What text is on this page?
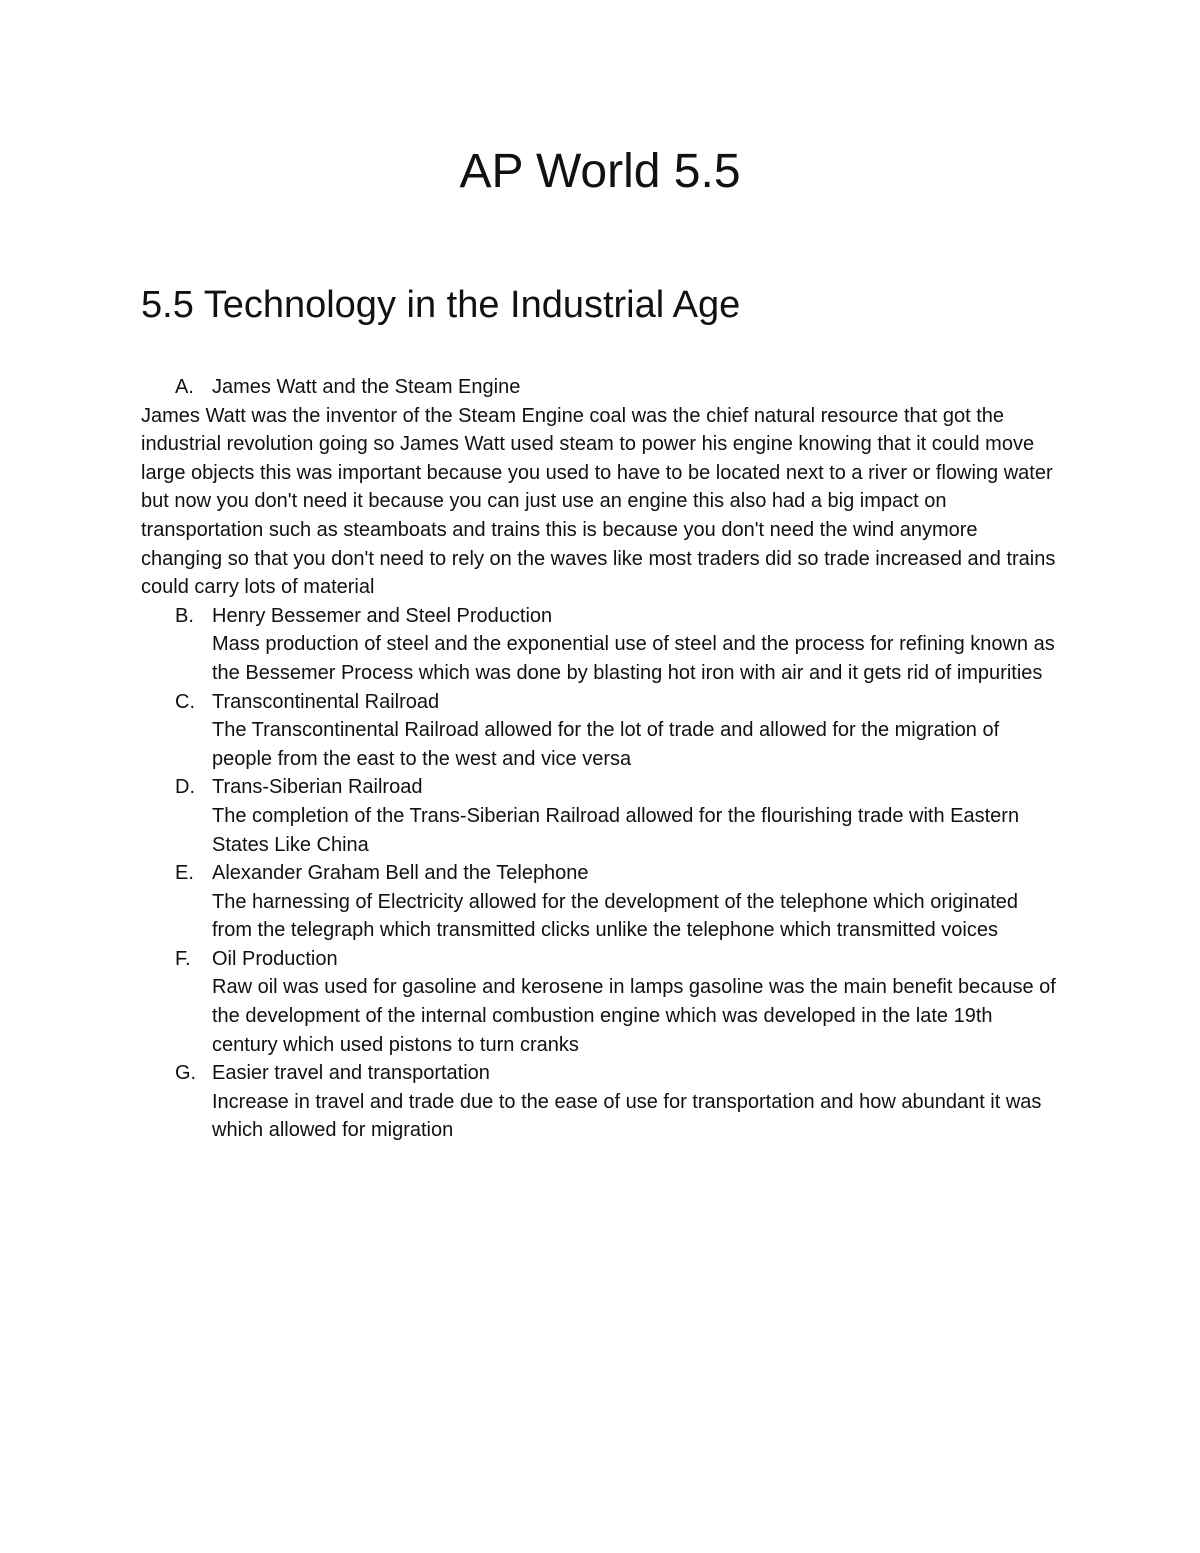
AP World 5.5
5.5 Technology in the Industrial Age
A. James Watt and the Steam Engine

James Watt was the inventor of the Steam Engine coal was the chief natural resource that got the industrial revolution going so James Watt used steam to power his engine knowing that it could move large objects this was important because you used to have to be located next to a river or flowing water but now you don't need it because you can just use an engine this also had a big impact on transportation such as steamboats and trains this is because you don't need the wind anymore changing so that you don't need to rely on the waves like most traders did so trade increased and trains could carry lots of material

B. Henry Bessemer and Steel Production

Mass production of steel and the exponential use of steel and the process for refining known as the Bessemer Process which was done by blasting hot iron with air and it gets rid of impurities

C. Transcontinental Railroad

The Transcontinental Railroad allowed for the lot of trade and allowed for the migration of people from the east to the west and vice versa

D. Trans-Siberian Railroad

The completion of the Trans-Siberian Railroad allowed for the flourishing trade with Eastern States Like China

E. Alexander Graham Bell and the Telephone

The harnessing of Electricity allowed for the development of the telephone which originated from the telegraph which transmitted clicks unlike the telephone which transmitted voices

F. Oil Production

Raw oil was used for gasoline and kerosene in lamps gasoline was the main benefit because of the development of the internal combustion engine which was developed in the late 19th century which used pistons to turn cranks

G. Easier travel and transportation

Increase in travel and trade due to the ease of use for transportation and how abundant it was which allowed for migration
